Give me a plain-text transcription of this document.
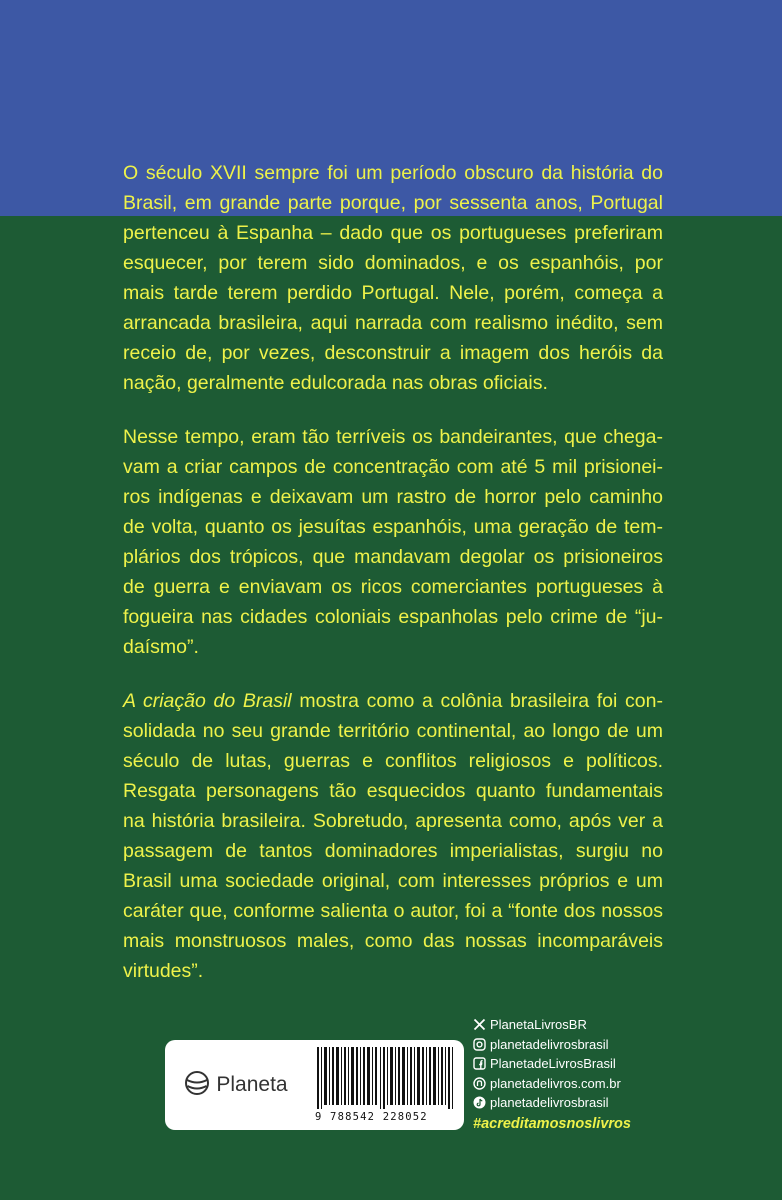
O século XVII sempre foi um período obscuro da história do Brasil, em grande parte porque, por sessenta anos, Portugal pertenceu à Espanha – dado que os portugueses preferiram esquecer, por terem sido dominados, e os espanhóis, por mais tarde terem perdido Portugal. Nele, porém, começa a arrancada brasileira, aqui narrada com realismo inédito, sem receio de, por vezes, desconstruir a imagem dos heróis da nação, geralmente edulcorada nas obras oficiais.

Nesse tempo, eram tão terríveis os bandeirantes, que chegavam a criar campos de concentração com até 5 mil prisioneiros indígenas e deixavam um rastro de horror pelo caminho de volta, quanto os jesuítas espanhóis, uma geração de templários dos trópicos, que mandavam degolar os prisioneiros de guerra e enviavam os ricos comerciantes portugueses à fogueira nas cidades coloniais espanholas pelo crime de “judaísmo”.

A criação do Brasil mostra como a colônia brasileira foi consolidada no seu grande território continental, ao longo de um século de lutas, guerras e conflitos religiosos e políticos. Resgata personagens tão esquecidos quanto fundamentais na história brasileira. Sobretudo, apresenta como, após ver a passagem de tantos dominadores imperialistas, surgiu no Brasil uma sociedade original, com interesses próprios e um caráter que, conforme salienta o autor, foi a “fonte dos nossos mais monstruosos males, como das nossas incomparáveis virtudes”.

Planeta
9 788542 228052
PlanetaLivrosBR
planetadelivrosbrasil
PlanetadeLivrosBrasil
planetadelivros.com.br
planetadelivrosbrasil
#acreditamosnoslivros
